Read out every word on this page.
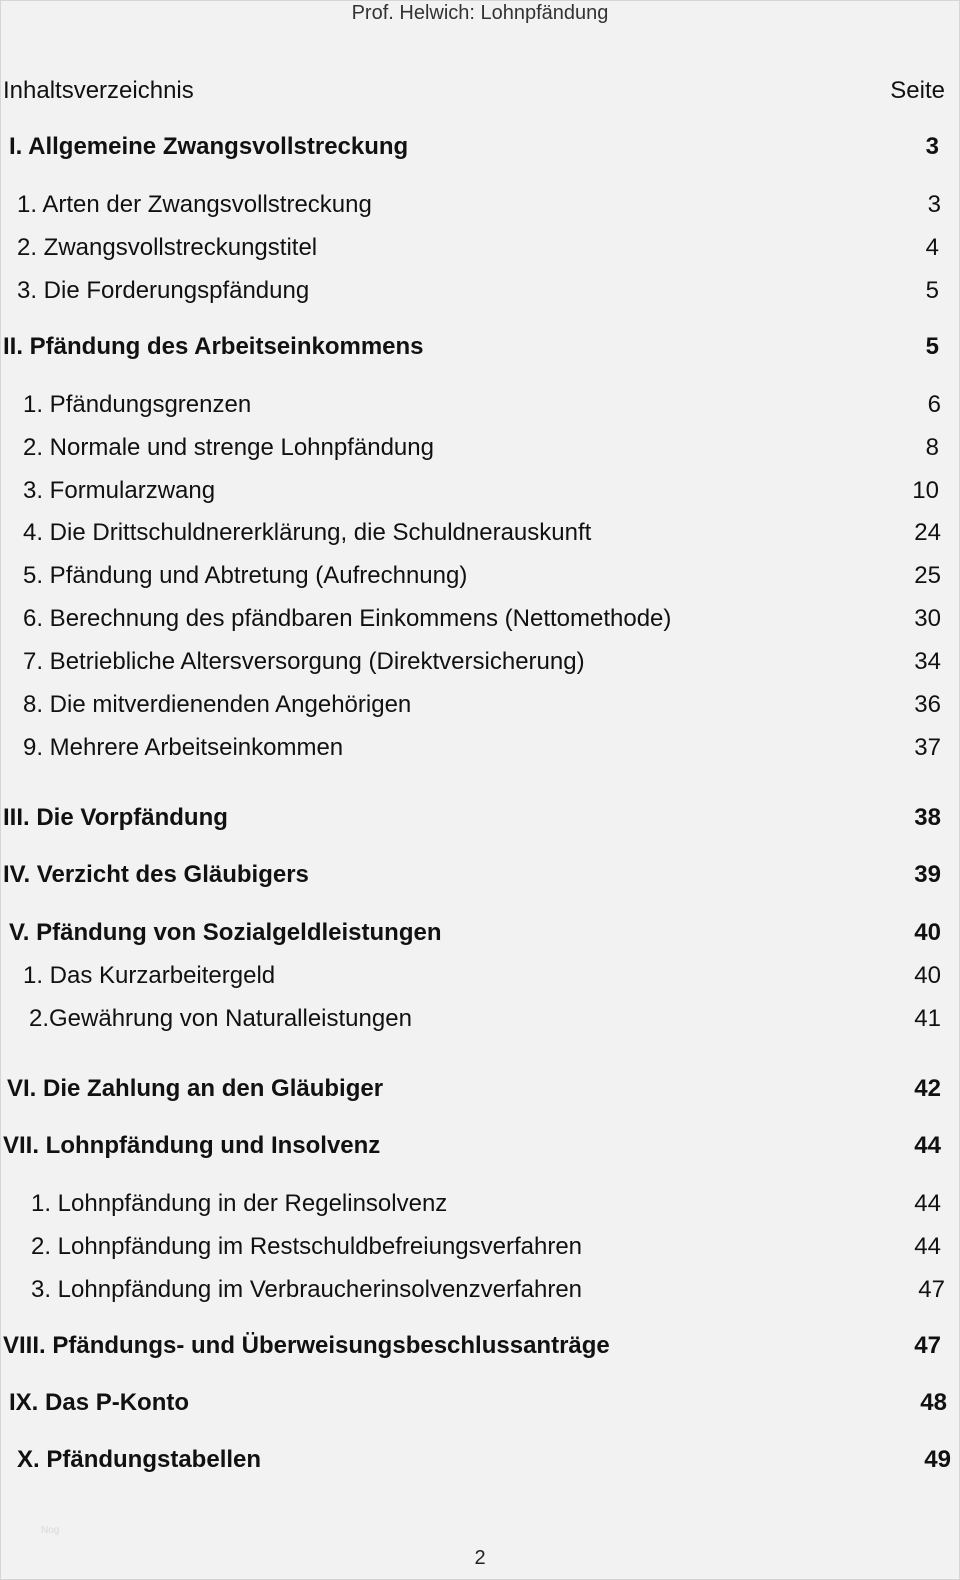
Prof. Helwich: Lohnpfändung
Inhaltsverzeichnis	Seite
I. Allgemeine Zwangsvollstreckung	3
1. Arten der Zwangsvollstreckung	3
2. Zwangsvollstreckungstitel	4
3. Die Forderungspfändung	5
II. Pfändung des Arbeitseinkommens	5
1. Pfändungsgrenzen	6
2. Normale und strenge Lohnpfändung	8
3. Formularzwang	10
4. Die Drittschuldnererklärung, die Schuldnerauskunft	24
5. Pfändung und Abtretung (Aufrechnung)	25
6. Berechnung des pfändbaren Einkommens (Nettomethode)	30
7. Betriebliche Altersversorgung (Direktversicherung)	34
8. Die mitverdienenden Angehörigen	36
9. Mehrere Arbeitseinkommen	37
III. Die Vorpfändung	38
IV. Verzicht des Gläubigers	39
V. Pfändung von Sozialgeldleistungen	40
1. Das Kurzarbeitergeld	40
2.Gewährung von Naturalleistungen	41
VI. Die Zahlung an den Gläubiger	42
VII. Lohnpfändung und Insolvenz	44
1. Lohnpfändung in der Regelinsolvenz	44
2. Lohnpfändung im Restschuldbefreiungsverfahren	44
3. Lohnpfändung im Verbraucherinsolvenzverfahren	47
VIII. Pfändungs- und Überweisungsbeschlussanträge	47
IX. Das P-Konto	48
X. Pfändungstabellen	49
Nog
2
